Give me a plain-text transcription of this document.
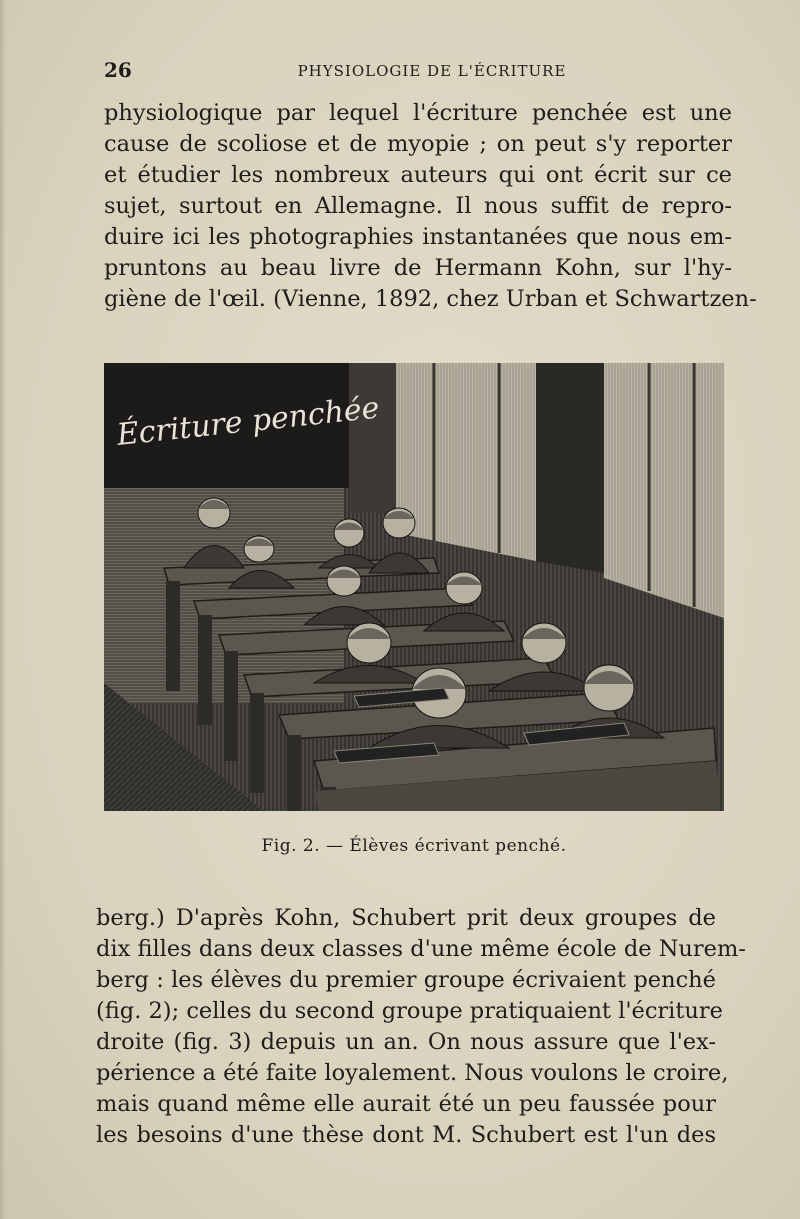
26	PHYSIOLOGIE DE L'ÉCRITURE

physiologique par lequel l'écriture penchée est une
cause de scoliose et de myopie ; on peut s'y reporter
et étudier les nombreux auteurs qui ont écrit sur ce
sujet, surtout en Allemagne. Il nous suffit de repro-
duire ici les photographies instantanées que nous em-
pruntons au beau livre de Hermann Kohn, sur l'hy-
giène de l'œil. (Vienne, 1892, chez Urban et Schwartzen-

Écriture penchée
Fig. 2. — Élèves écrivant penché.

berg.) D'après Kohn, Schubert prit deux groupes de
dix filles dans deux classes d'une même école de Nurem-
berg : les élèves du premier groupe écrivaient penché
(fig. 2); celles du second groupe pratiquaient l'écriture
droite (fig. 3) depuis un an. On nous assure que l'ex-
périence a été faite loyalement. Nous voulons le croire,
mais quand même elle aurait été un peu faussée pour
les besoins d'une thèse dont M. Schubert est l'un des
